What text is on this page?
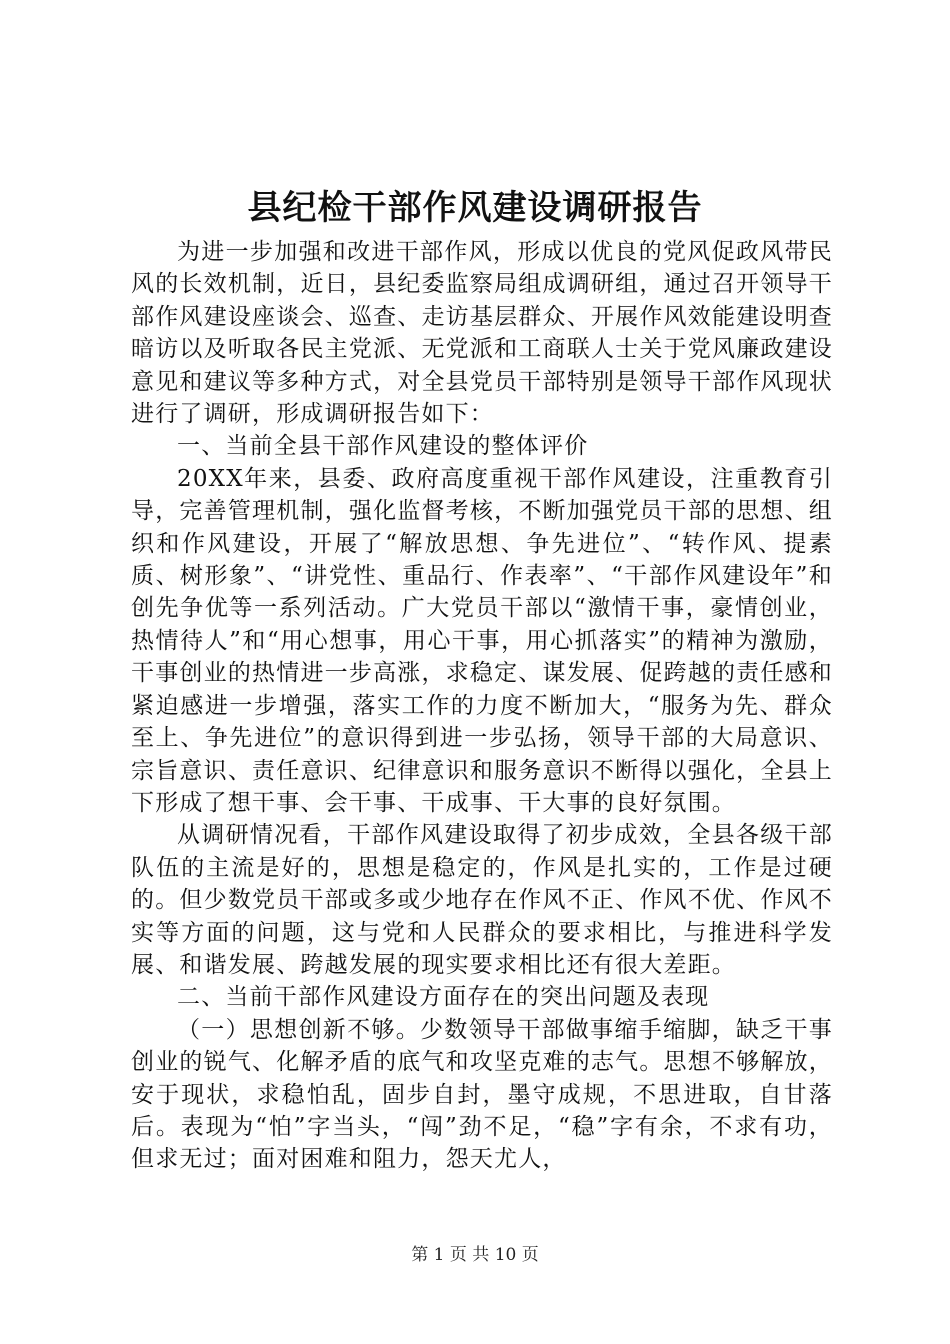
县纪检干部作风建设调研报告

为进一步加强和改进干部作风，形成以优良的党风促政风带民风的长效机制，近日，县纪委监察局组成调研组，通过召开领导干部作风建设座谈会、巡查、走访基层群众、开展作风效能建设明查暗访以及听取各民主党派、无党派和工商联人士关于党风廉政建设意见和建议等多种方式，对全县党员干部特别是领导干部作风现状进行了调研，形成调研报告如下：

一、当前全县干部作风建设的整体评价

20XX年来，县委、政府高度重视干部作风建设，注重教育引导，完善管理机制，强化监督考核，不断加强党员干部的思想、组织和作风建设，开展了“解放思想、争先进位”、“转作风、提素质、树形象”、“讲党性、重品行、作表率”、“干部作风建设年”和创先争优等一系列活动。广大党员干部以“激情干事，豪情创业，热情待人”和“用心想事，用心干事，用心抓落实”的精神为激励，干事创业的热情进一步高涨，求稳定、谋发展、促跨越的责任感和紧迫感进一步增强，落实工作的力度不断加大，“服务为先、群众至上、争先进位”的意识得到进一步弘扬，领导干部的大局意识、宗旨意识、责任意识、纪律意识和服务意识不断得以强化，全县上下形成了想干事、会干事、干成事、干大事的良好氛围。

从调研情况看，干部作风建设取得了初步成效，全县各级干部队伍的主流是好的，思想是稳定的，作风是扎实的，工作是过硬的。但少数党员干部或多或少地存在作风不正、作风不优、作风不实等方面的问题，这与党和人民群众的要求相比，与推进科学发展、和谐发展、跨越发展的现实要求相比还有很大差距。

二、当前干部作风建设方面存在的突出问题及表现

（一）思想创新不够。少数领导干部做事缩手缩脚，缺乏干事创业的锐气、化解矛盾的底气和攻坚克难的志气。思想不够解放，安于现状，求稳怕乱，固步自封，墨守成规，不思进取，自甘落后。表现为“怕”字当头，“闯”劲不足，“稳”字有余，不求有功，但求无过；面对困难和阻力，怨天尤人，

第 1 页 共 10 页
